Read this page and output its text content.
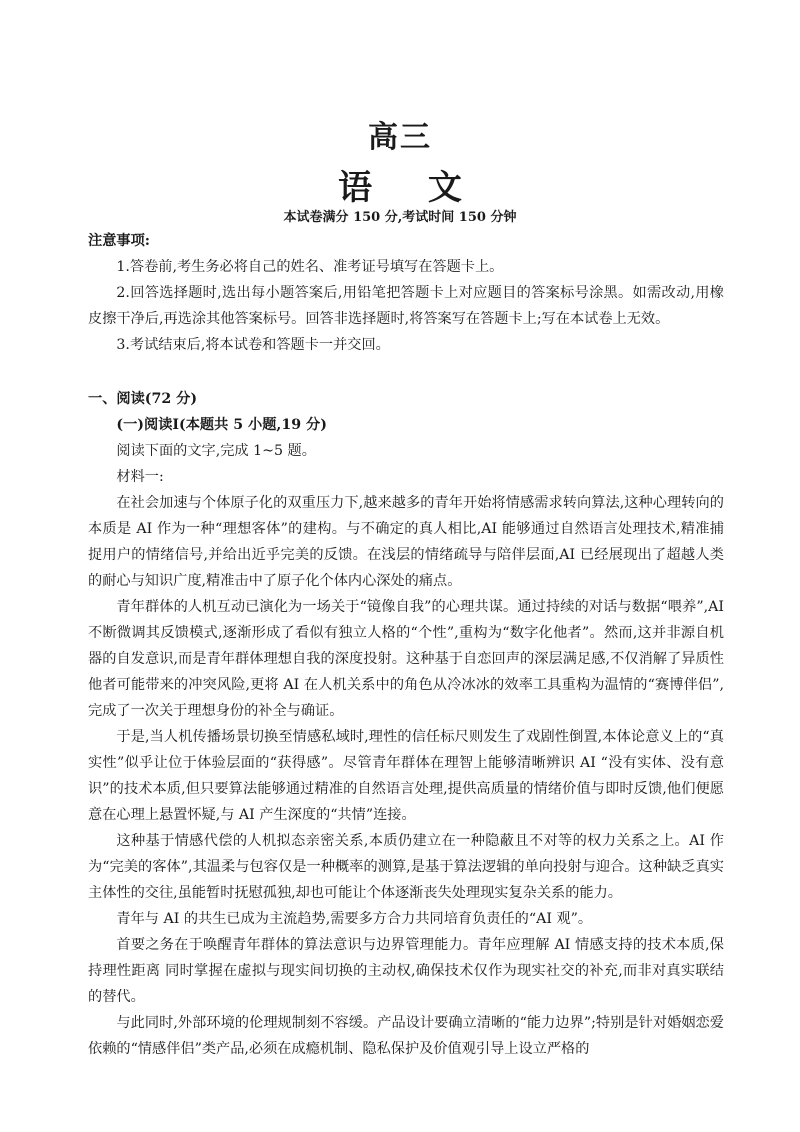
高三
语 文
本试卷满分 150 分,考试时间 150 分钟

注意事项:

1.答卷前,考生务必将自己的姓名、准考证号填写在答题卡上。

2.回答选择题时,选出每小题答案后,用铅笔把答题卡上对应题目的答案标号涂黑。如需改动,用橡皮擦干净后,再选涂其他答案标号。回答非选择题时,将答案写在答题卡上;写在本试卷上无效。

3.考试结束后,将本试卷和答题卡一并交回。

一、阅读(72 分)

(一)阅读Ⅰ(本题共 5 小题,19 分)

阅读下面的文字,完成 1~5 题。

材料一:

在社会加速与个体原子化的双重压力下,越来越多的青年开始将情感需求转向算法,这种心理转向的本质是 AI 作为一种“理想客体”的建构。与不确定的真人相比,AI 能够通过自然语言处理技术,精准捕捉用户的情绪信号,并给出近乎完美的反馈。在浅层的情绪疏导与陪伴层面,AI 已经展现出了超越人类的耐心与知识广度,精准击中了原子化个体内心深处的痛点。

青年群体的人机互动已演化为一场关于“镜像自我”的心理共谋。通过持续的对话与数据“喂养”,AI 不断微调其反馈模式,逐渐形成了看似有独立人格的“个性”,重构为“数字化他者”。然而,这并非源自机器的自发意识,而是青年群体理想自我的深度投射。这种基于自恋回声的深层满足感,不仅消解了异质性他者可能带来的冲突风险,更将 AI 在人机关系中的角色从冷冰冰的效率工具重构为温情的“赛博伴侣”,完成了一次关于理想身份的补全与确证。

于是,当人机传播场景切换至情感私域时,理性的信任标尺则发生了戏剧性倒置,本体论意义上的“真实性”似乎让位于体验层面的“获得感”。尽管青年群体在理智上能够清晰辨识 AI “没有实体、没有意识”的技术本质,但只要算法能够通过精准的自然语言处理,提供高质量的情绪价值与即时反馈,他们便愿意在心理上悬置怀疑,与 AI 产生深度的“共情”连接。

这种基于情感代偿的人机拟态亲密关系,本质仍建立在一种隐蔽且不对等的权力关系之上。AI 作为“完美的客体”,其温柔与包容仅是一种概率的测算,是基于算法逻辑的单向投射与迎合。这种缺乏真实主体性的交往,虽能暂时抚慰孤独,却也可能让个体逐渐丧失处理现实复杂关系的能力。

青年与 AI 的共生已成为主流趋势,需要多方合力共同培育负责任的“AI 观”。

首要之务在于唤醒青年群体的算法意识与边界管理能力。青年应理解 AI 情感支持的技术本质,保持理性距离 同时掌握在虚拟与现实间切换的主动权,确保技术仅作为现实社交的补充,而非对真实联结的替代。

与此同时,外部环境的伦理规制刻不容缓。产品设计要确立清晰的“能力边界”;特别是针对婚姻恋爱依赖的“情感伴侣”类产品,必须在成瘾机制、隐私保护及价值观引导上设立严格的
